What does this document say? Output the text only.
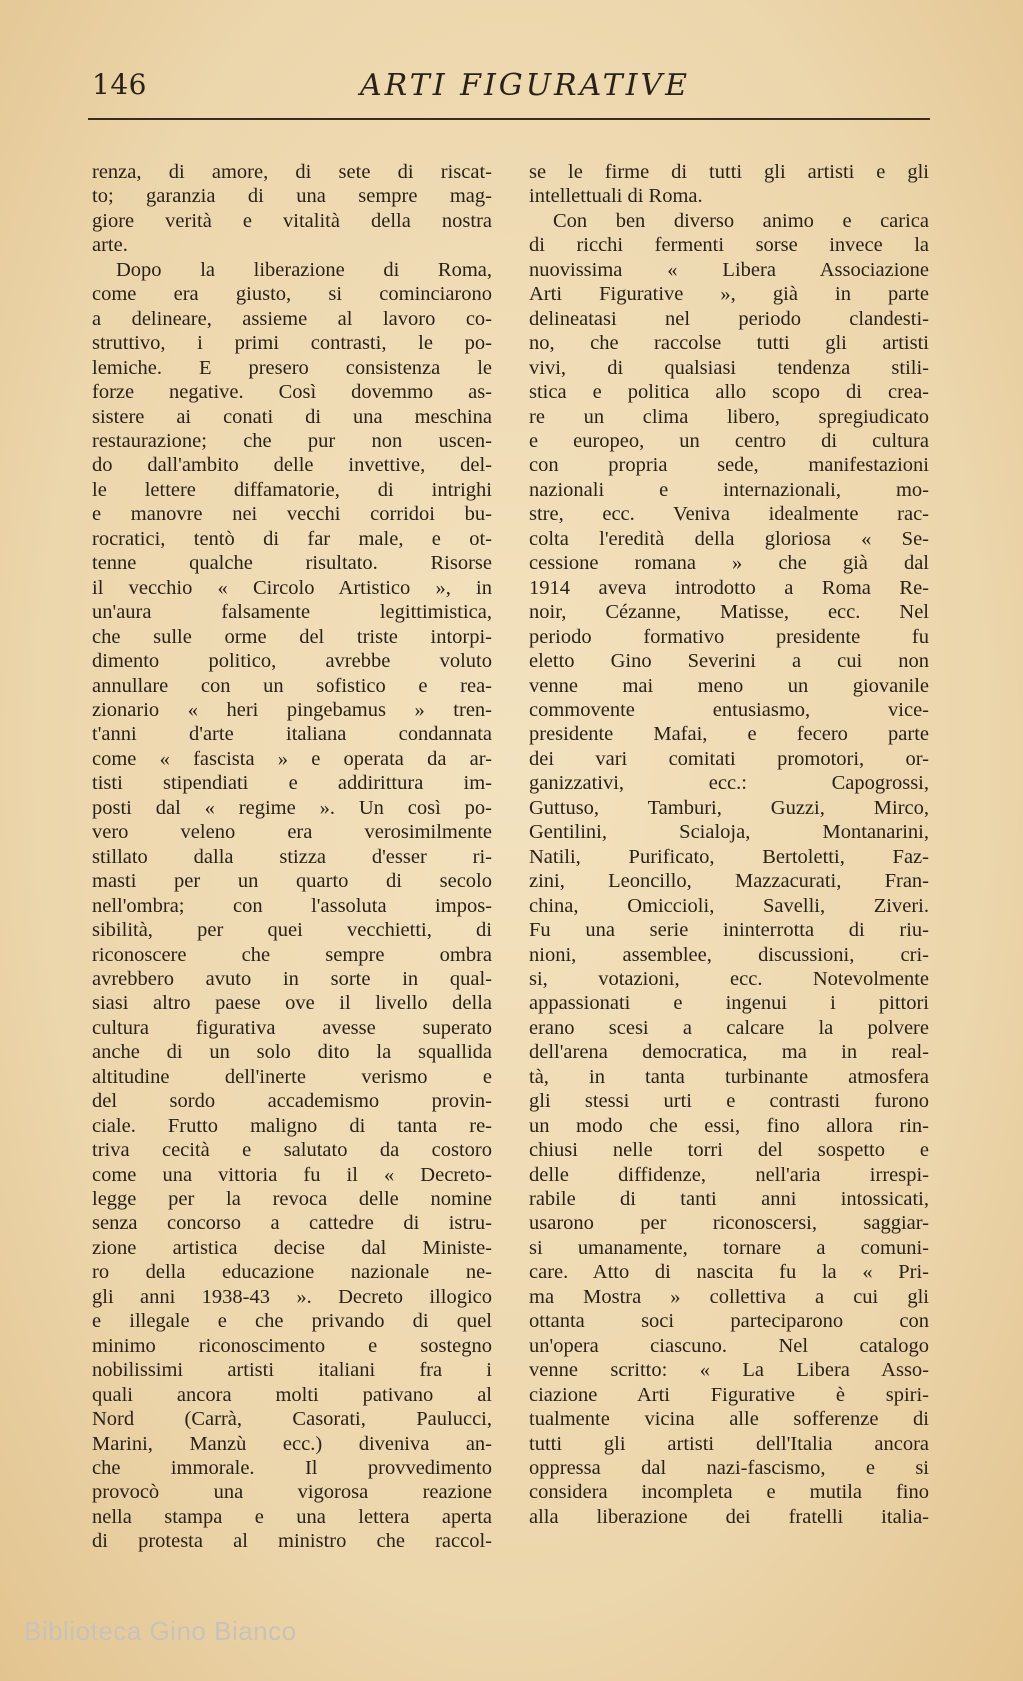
146	ARTI FIGURATIVE
renza, di amore, di sete di riscat-
to; garanzia di una sempre mag-
giore verità e vitalità della nostra
arte.
Dopo la liberazione di Roma,
come era giusto, si cominciarono
a delineare, assieme al lavoro co-
struttivo, i primi contrasti, le po-
lemiche. E presero consistenza le
forze negative. Così dovemmo as-
sistere ai conati di una meschina
restaurazione; che pur non uscen-
do dall'ambito delle invettive, del-
le lettere diffamatorie, di intrighi
e manovre nei vecchi corridoi bu-
rocratici, tentò di far male, e ot-
tenne qualche risultato. Risorse
il vecchio « Circolo Artistico », in
un'aura falsamente legittimistica,
che sulle orme del triste intorpi-
dimento politico, avrebbe voluto
annullare con un sofistico e rea-
zionario « heri pingebamus » tren-
t'anni d'arte italiana condannata
come « fascista » e operata da ar-
tisti stipendiati e addirittura im-
posti dal « regime ». Un così po-
vero veleno era verosimilmente
stillato dalla stizza d'esser ri-
masti per un quarto di secolo
nell'ombra; con l'assoluta impos-
sibilità, per quei vecchietti, di
riconoscere che sempre ombra
avrebbero avuto in sorte in qual-
siasi altro paese ove il livello della
cultura figurativa avesse superato
anche di un solo dito la squallida
altitudine dell'inerte verismo e
del sordo accademismo provin-
ciale. Frutto maligno di tanta re-
triva cecità e salutato da costoro
come una vittoria fu il « Decreto-
legge per la revoca delle nomine
senza concorso a cattedre di istru-
zione artistica decise dal Ministe-
ro della educazione nazionale ne-
gli anni 1938-43 ». Decreto illogico
e illegale e che privando di quel
minimo riconoscimento e sostegno
nobilissimi artisti italiani fra i
quali ancora molti pativano al
Nord (Carrà, Casorati, Paulucci,
Marini, Manzù ecc.) diveniva an-
che immorale. Il provvedimento
provocò una vigorosa reazione
nella stampa e una lettera aperta
di protesta al ministro che raccol-
se le firme di tutti gli artisti e gli
intellettuali di Roma.
Con ben diverso animo e carica
di ricchi fermenti sorse invece la
nuovissima « Libera Associazione
Arti Figurative », già in parte
delineatasi nel periodo clandesti-
no, che raccolse tutti gli artisti
vivi, di qualsiasi tendenza stili-
stica e politica allo scopo di crea-
re un clima libero, spregiudicato
e europeo, un centro di cultura
con propria sede, manifestazioni
nazionali e internazionali, mo-
stre, ecc. Veniva idealmente rac-
colta l'eredità della gloriosa « Se-
cessione romana » che già dal
1914 aveva introdotto a Roma Re-
noir, Cézanne, Matisse, ecc. Nel
periodo formativo presidente fu
eletto Gino Severini a cui non
venne mai meno un giovanile
commovente entusiasmo, vice-
presidente Mafai, e fecero parte
dei vari comitati promotori, or-
ganizzativi, ecc.: Capogrossi,
Guttuso, Tamburi, Guzzi, Mirco,
Gentilini, Scialoja, Montanarini,
Natili, Purificato, Bertoletti, Faz-
zini, Leoncillo, Mazzacurati, Fran-
china, Omiccioli, Savelli, Ziveri.
Fu una serie ininterrotta di riu-
nioni, assemblee, discussioni, cri-
si, votazioni, ecc. Notevolmente
appassionati e ingenui i pittori
erano scesi a calcare la polvere
dell'arena democratica, ma in real-
tà, in tanta turbinante atmosfera
gli stessi urti e contrasti furono
un modo che essi, fino allora rin-
chiusi nelle torri del sospetto e
delle diffidenze, nell'aria irrespi-
rabile di tanti anni intossicati,
usarono per riconoscersi, saggiar-
si umanamente, tornare a comuni-
care. Atto di nascita fu la « Pri-
ma Mostra » collettiva a cui gli
ottanta soci parteciparono con
un'opera ciascuno. Nel catalogo
venne scritto: « La Libera Asso-
ciazione Arti Figurative è spiri-
tualmente vicina alle sofferenze di
tutti gli artisti dell'Italia ancora
oppressa dal nazi-fascismo, e si
considera incompleta e mutila fino
alla liberazione dei fratelli italia-
Biblioteca Gino Bianco
